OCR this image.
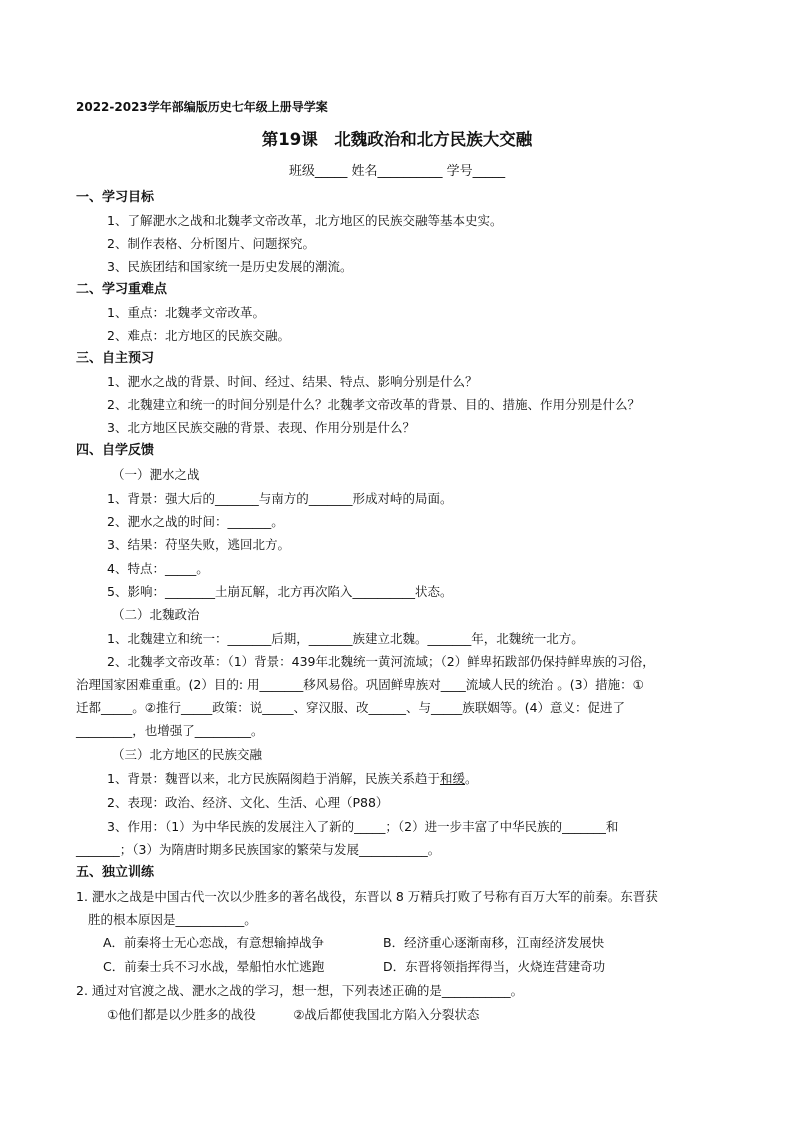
2022-2023学年部编版历史七年级上册导学案
第19课　北魏政治和北方民族大交融
班级_____ 姓名__________ 学号_____
一、学习目标
1、了解淝水之战和北魏孝文帝改革，北方地区的民族交融等基本史实。
2、制作表格、分析图片、问题探究。
3、民族团结和国家统一是历史发展的潮流。
二、学习重难点
1、重点：北魏孝文帝改革。
2、难点：北方地区的民族交融。
三、自主预习
1、淝水之战的背景、时间、经过、结果、特点、影响分别是什么？
2、北魏建立和统一的时间分别是什么？北魏孝文帝改革的背景、目的、措施、作用分别是什么？
3、北方地区民族交融的背景、表现、作用分别是什么？
四、自学反馈
（一）淝水之战
1、背景：强大后的_______与南方的_______形成对峙的局面。
2、淝水之战的时间：_______。
3、结果：苻坚失败，逃回北方。
4、特点：_____。
5、影响：________土崩瓦解，北方再次陷入__________状态。
（二）北魏政治
1、北魏建立和统一：_______后期，_______族建立北魏。_______年，北魏统一北方。
2、北魏孝文帝改革：（1）背景：439年北魏统一黄河流域；（2）鲜卑拓跋部仍保持鲜卑族的习俗，
治理国家困难重重。(2）目的: 用_______移风易俗。巩固鲜卑族对____流域人民的统治 。(3）措施：①
迁都_____。②推行_____政策：说_____、穿汉服、改______、与_____族联姻等。(4）意义：促进了
_________，也增强了_________。
（三）北方地区的民族交融
1、背景：魏晋以来，北方民族隔阂趋于消解，民族关系趋于和缓。
2、表现：政治、经济、文化、生活、心理（P88）
3、作用：（1）为中华民族的发展注入了新的_____；（2）进一步丰富了中华民族的_______和
_______；（3）为隋唐时期多民族国家的繁荣与发展___________。
五、独立训练
1. 淝水之战是中国古代一次以少胜多的著名战役，东晋以 8 万精兵打败了号称有百万大军的前秦。东晋获
胜的根本原因是___________。
A．前秦将士无心恋战，有意想输掉战争	B．经济重心逐渐南移，江南经济发展快
C．前秦士兵不习水战，晕船怕水忙逃跑	D．东晋将领指挥得当，火烧连营建奇功
2. 通过对官渡之战、淝水之战的学习，想一想，下列表述正确的是___________。
①他们都是以少胜多的战役　　　②战后都使我国北方陷入分裂状态
